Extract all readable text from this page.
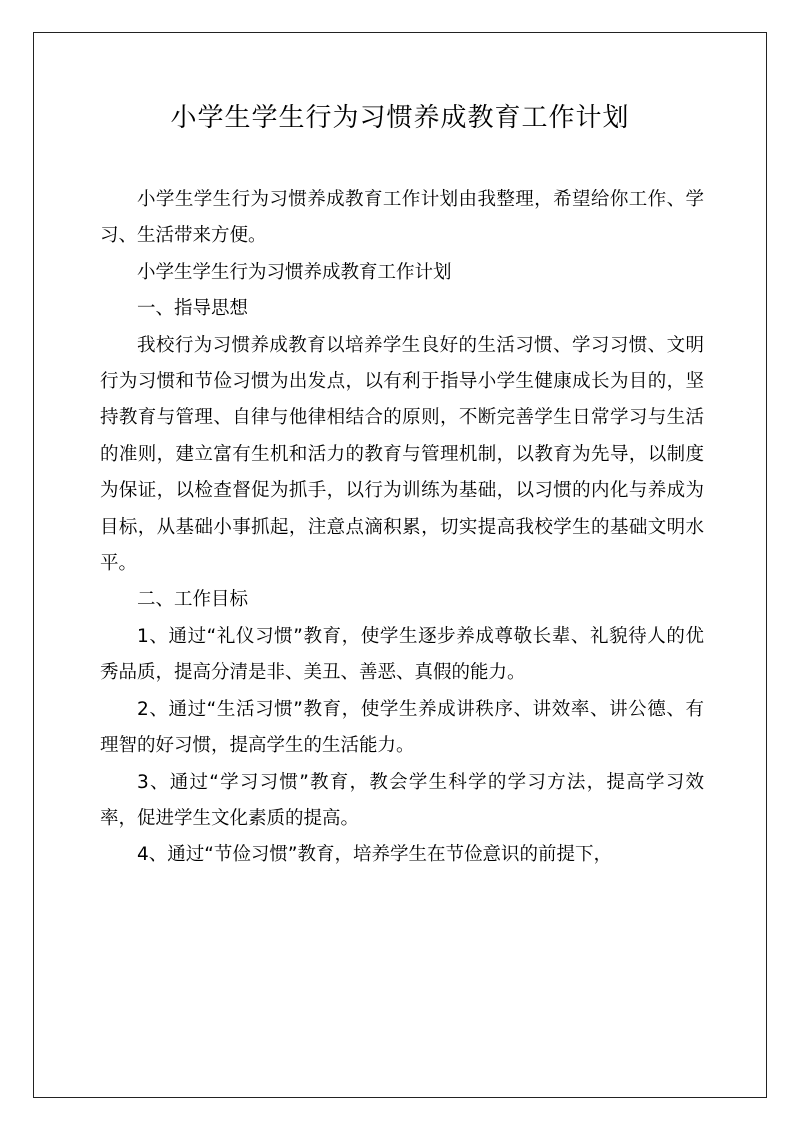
小学生学生行为习惯养成教育工作计划

小学生学生行为习惯养成教育工作计划由我整理，希望给你工作、学习、生活带来方便。

小学生学生行为习惯养成教育工作计划

一、指导思想

我校行为习惯养成教育以培养学生良好的生活习惯、学习习惯、文明行为习惯和节俭习惯为出发点，以有利于指导小学生健康成长为目的，坚持教育与管理、自律与他律相结合的原则，不断完善学生日常学习与生活的准则，建立富有生机和活力的教育与管理机制，以教育为先导，以制度为保证，以检查督促为抓手，以行为训练为基础，以习惯的内化与养成为目标，从基础小事抓起，注意点滴积累，切实提高我校学生的基础文明水平。

二、工作目标

1、通过“礼仪习惯”教育，使学生逐步养成尊敬长辈、礼貌待人的优秀品质，提高分清是非、美丑、善恶、真假的能力。

2、通过“生活习惯”教育，使学生养成讲秩序、讲效率、讲公德、有理智的好习惯，提高学生的生活能力。

3、通过“学习习惯”教育，教会学生科学的学习方法，提高学习效率，促进学生文化素质的提高。

4、通过“节俭习惯”教育，培养学生在节俭意识的前提下，
